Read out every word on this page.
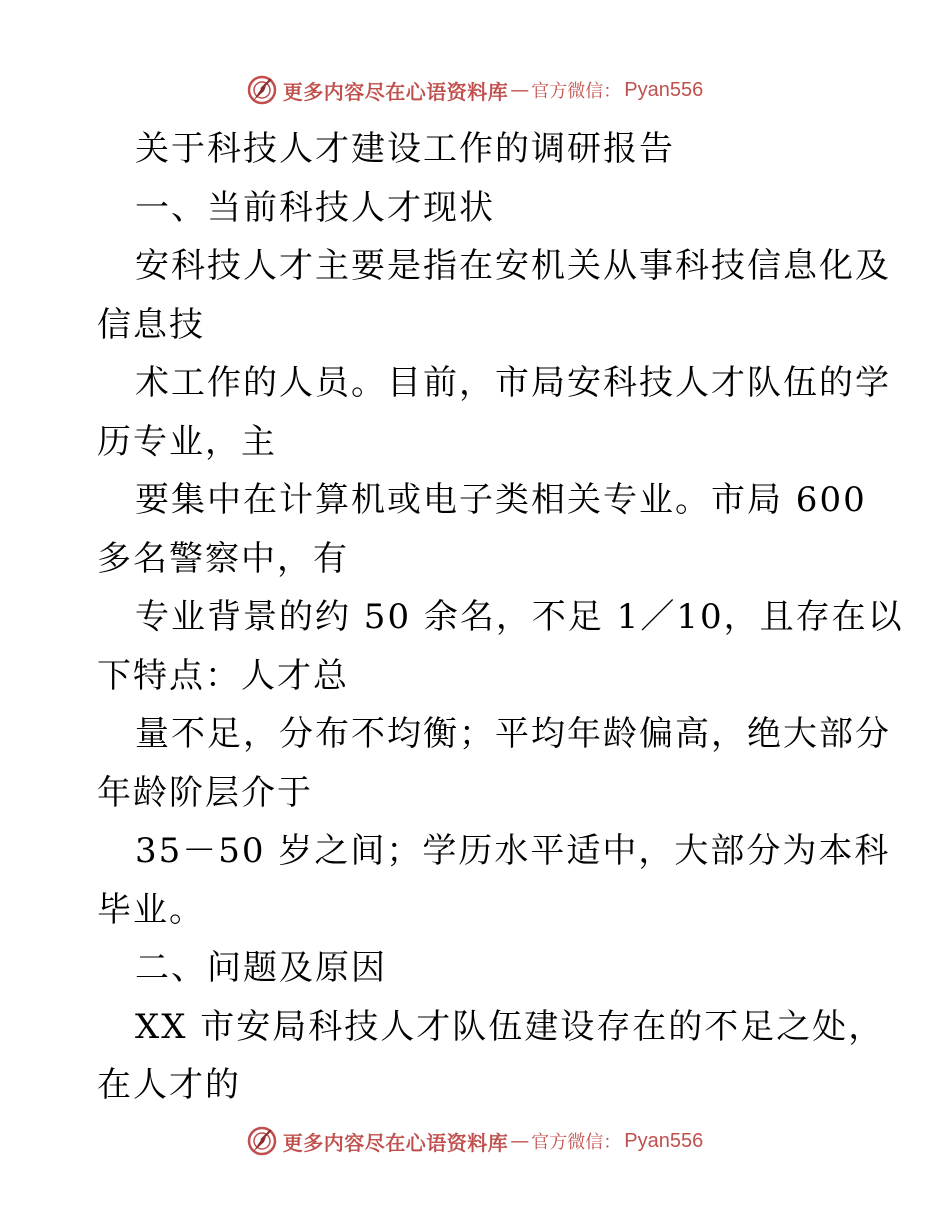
更多内容尽在心语资料库 — 官方微信： Pyan556
关于科技人才建设工作的调研报告
一、当前科技人才现状
安科技人才主要是指在安机关从事科技信息化及
信息技
术工作的人员。目前，市局安科技人才队伍的学
历专业，主
要集中在计算机或电子类相关专业。市局 600
多名警察中，有
专业背景的约 50 余名，不足 1／10，且存在以
下特点：人才总
量不足，分布不均衡；平均年龄偏高，绝大部分
年龄阶层介于
35－50 岁之间；学历水平适中，大部分为本科
毕业。
二、问题及原因
XX 市安局科技人才队伍建设存在的不足之处，
在人才的
更多内容尽在心语资料库 — 官方微信： Pyan556
